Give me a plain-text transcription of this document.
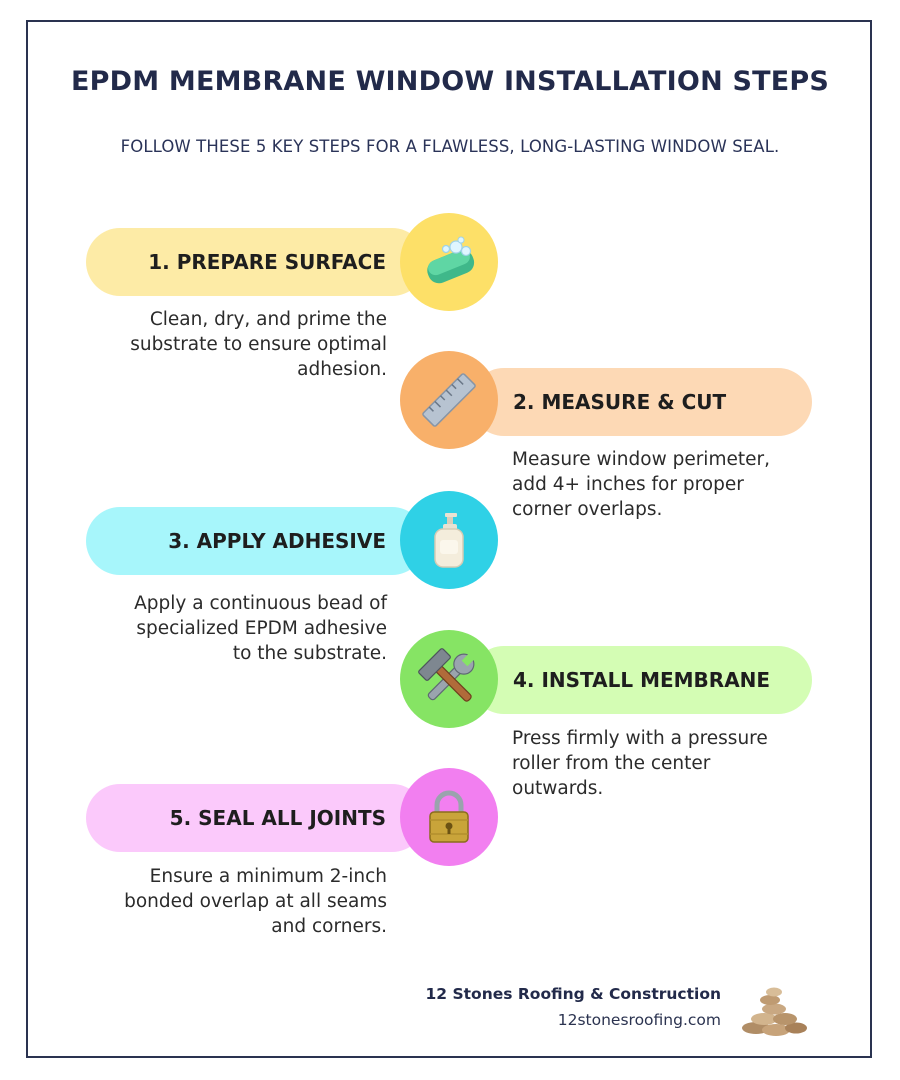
EPDM MEMBRANE WINDOW INSTALLATION STEPS
FOLLOW THESE 5 KEY STEPS FOR A FLAWLESS, LONG-LASTING WINDOW SEAL.
1. PREPARE SURFACE
Clean, dry, and prime the
substrate to ensure optimal
adhesion.
2. MEASURE & CUT
Measure window perimeter,
add 4+ inches for proper
corner overlaps.
3. APPLY ADHESIVE
Apply a continuous bead of
specialized EPDM adhesive
to the substrate.
4. INSTALL MEMBRANE
Press firmly with a pressure
roller from the center
outwards.
5. SEAL ALL JOINTS
Ensure a minimum 2-inch
bonded overlap at all seams
and corners.
12 Stones Roofing & Construction
12stonesroofing.com
